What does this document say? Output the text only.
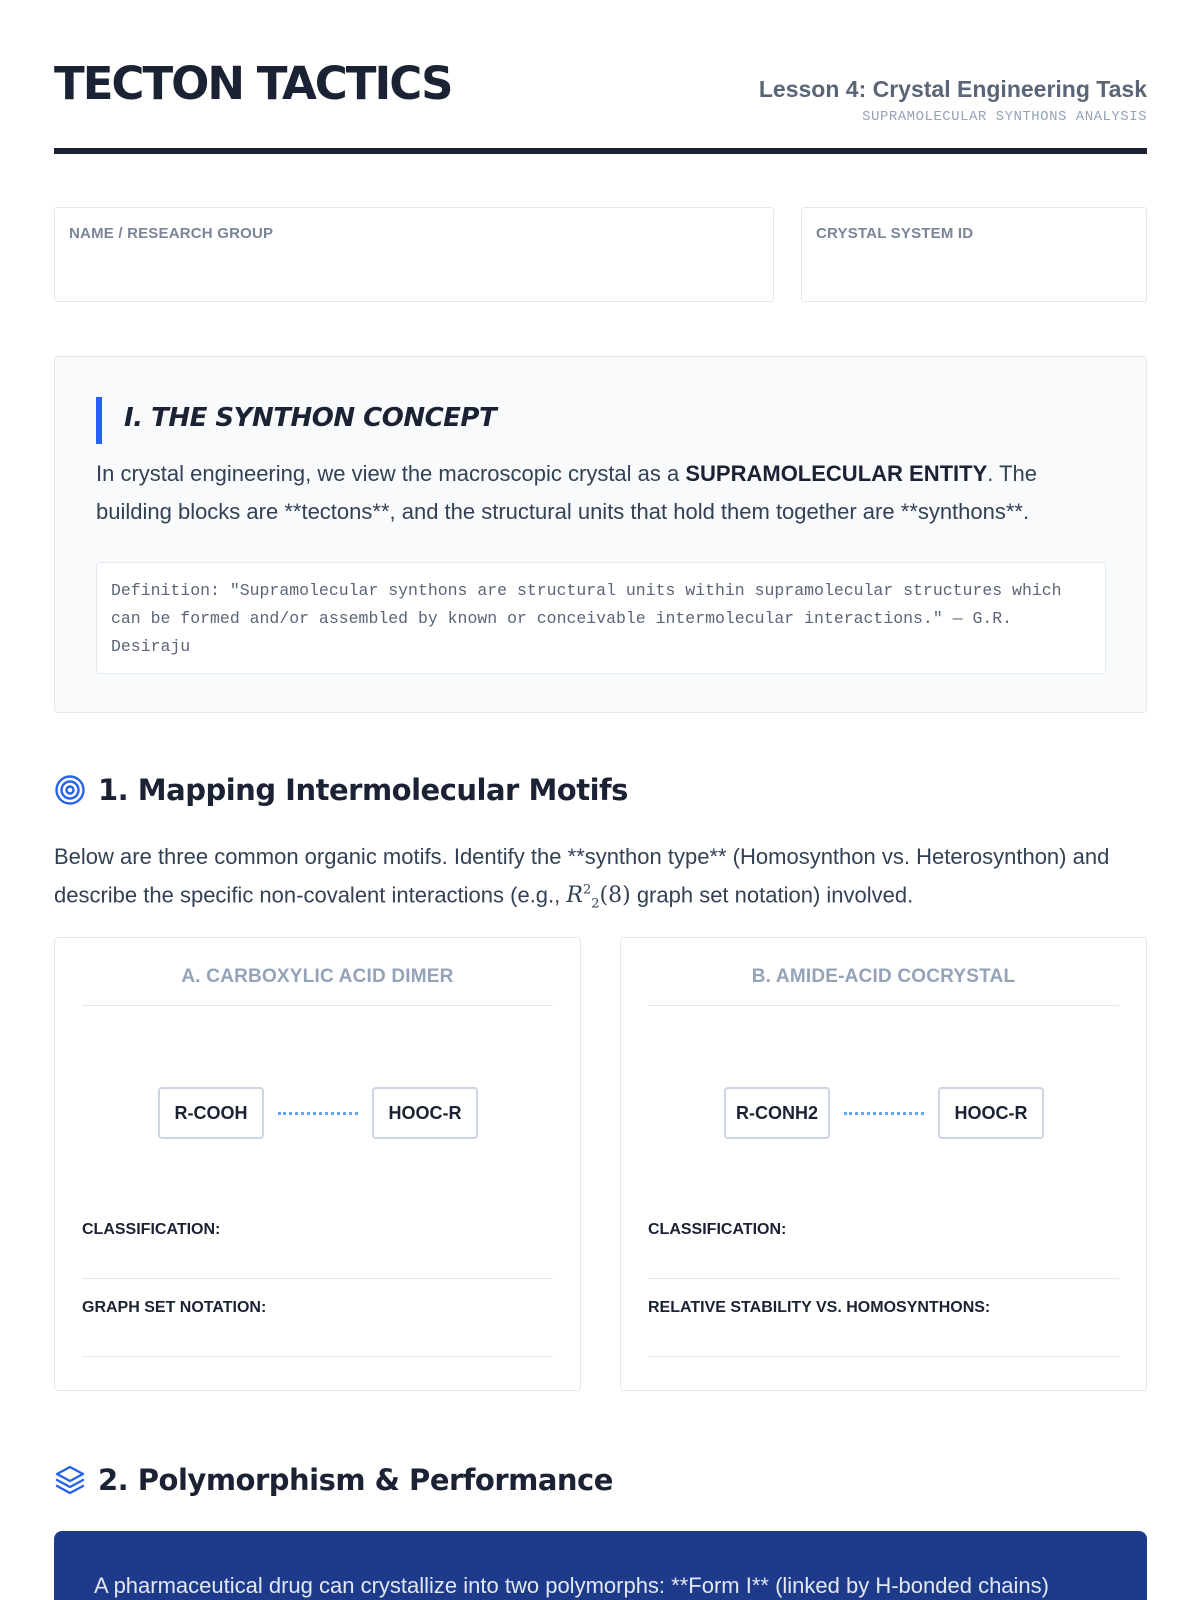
TECTON TACTICS	Lesson 4: Crystal Engineering Task
SUPRAMOLECULAR SYNTHONS ANALYSIS
NAME / RESEARCH GROUP	CRYSTAL SYSTEM ID
I. THE SYNTHON CONCEPT

In crystal engineering, we view the macroscopic crystal as a SUPRAMOLECULAR ENTITY. The building blocks are **tectons**, and the structural units that hold them together are **synthons**.

Definition: "Supramolecular synthons are structural units within supramolecular structures which can be formed and/or assembled by known or conceivable intermolecular interactions." — G.R. Desiraju
1. Mapping Intermolecular Motifs

Below are three common organic motifs. Identify the **synthon type** (Homosynthon vs. Heterosynthon) and describe the specific non-covalent interactions (e.g., $R^2_2(8)$ graph set notation) involved.

A. CARBOXYLIC ACID DIMER
R-COOH	HOOC-R
CLASSIFICATION:
GRAPH SET NOTATION:
B. AMIDE-ACID COCRYSTAL
R-CONH2	HOOC-R
CLASSIFICATION:
RELATIVE STABILITY VS. HOMOSYNTHONS:
2. Polymorphism & Performance
A pharmaceutical drug can crystallize into two polymorphs: **Form I** (linked by H-bonded chains)
